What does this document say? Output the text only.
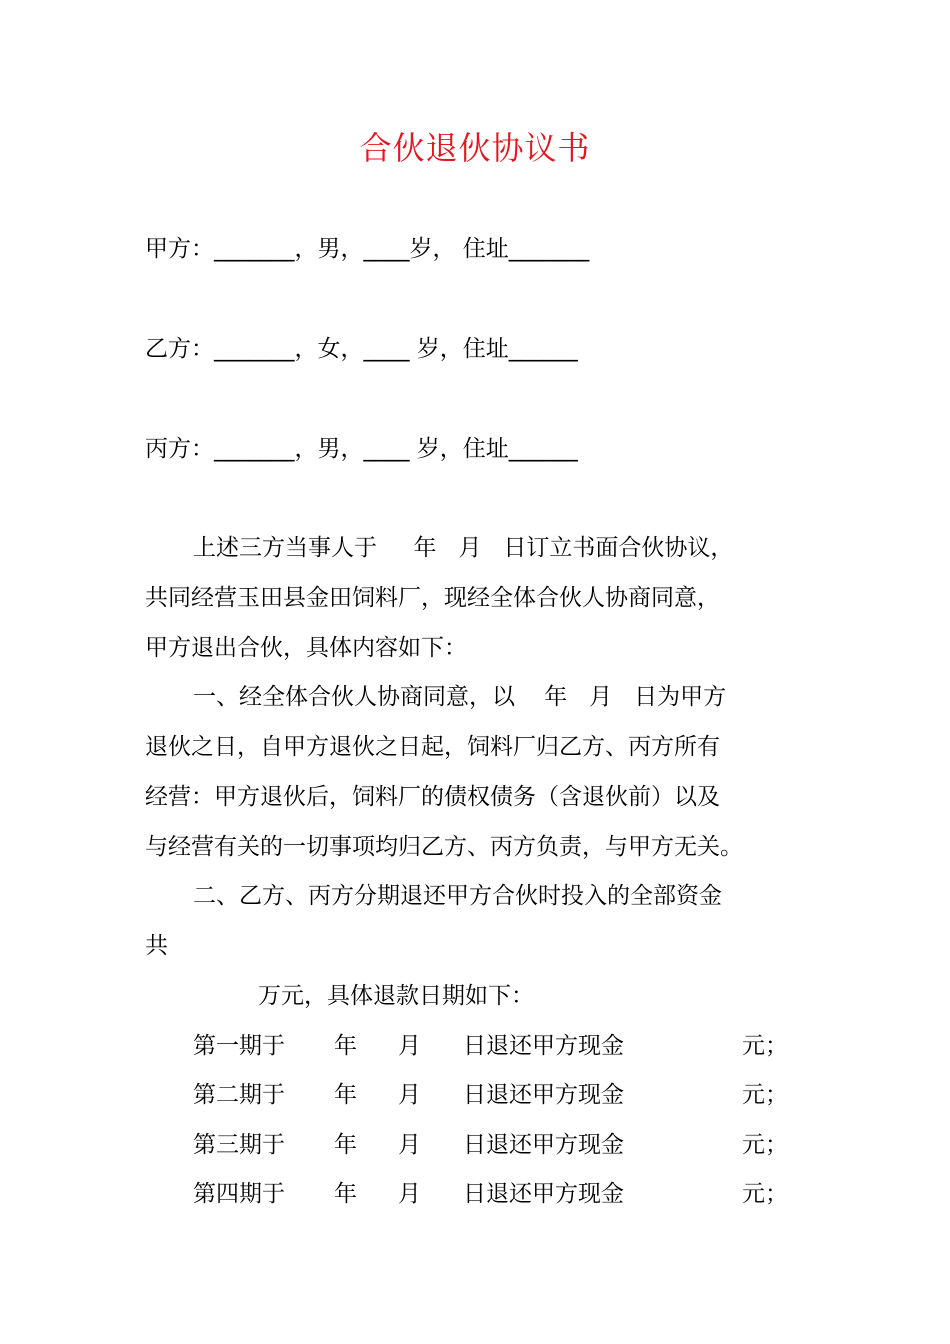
合伙退伙协议书
甲方：_______，男，____岁， 住址_______
乙方：_______，女，____ 岁，住址______
丙方：_______，男，____ 岁，住址______
上述三方当事人于     年   月   日订立书面合伙协议，
共同经营玉田县金田饲料厂，现经全体合伙人协商同意，
甲方退出合伙，具体内容如下：
一、经全体合伙人协商同意，以    年   月   日为甲方
退伙之日，自甲方退伙之日起，饲料厂归乙方、丙方所有
经营：甲方退伙后，饲料厂的债权债务（含退伙前）以及
与经营有关的一切事项均归乙方、丙方负责，与甲方无关。
二、乙方、丙方分期退还甲方合伙时投入的全部资金
共
万元，具体退款日期如下：
第一期于 年 月 日退还甲方现金	元；
第二期于 年 月 日退还甲方现金	元；
第三期于 年 月 日退还甲方现金	元；
第四期于 年 月 日退还甲方现金	元；
